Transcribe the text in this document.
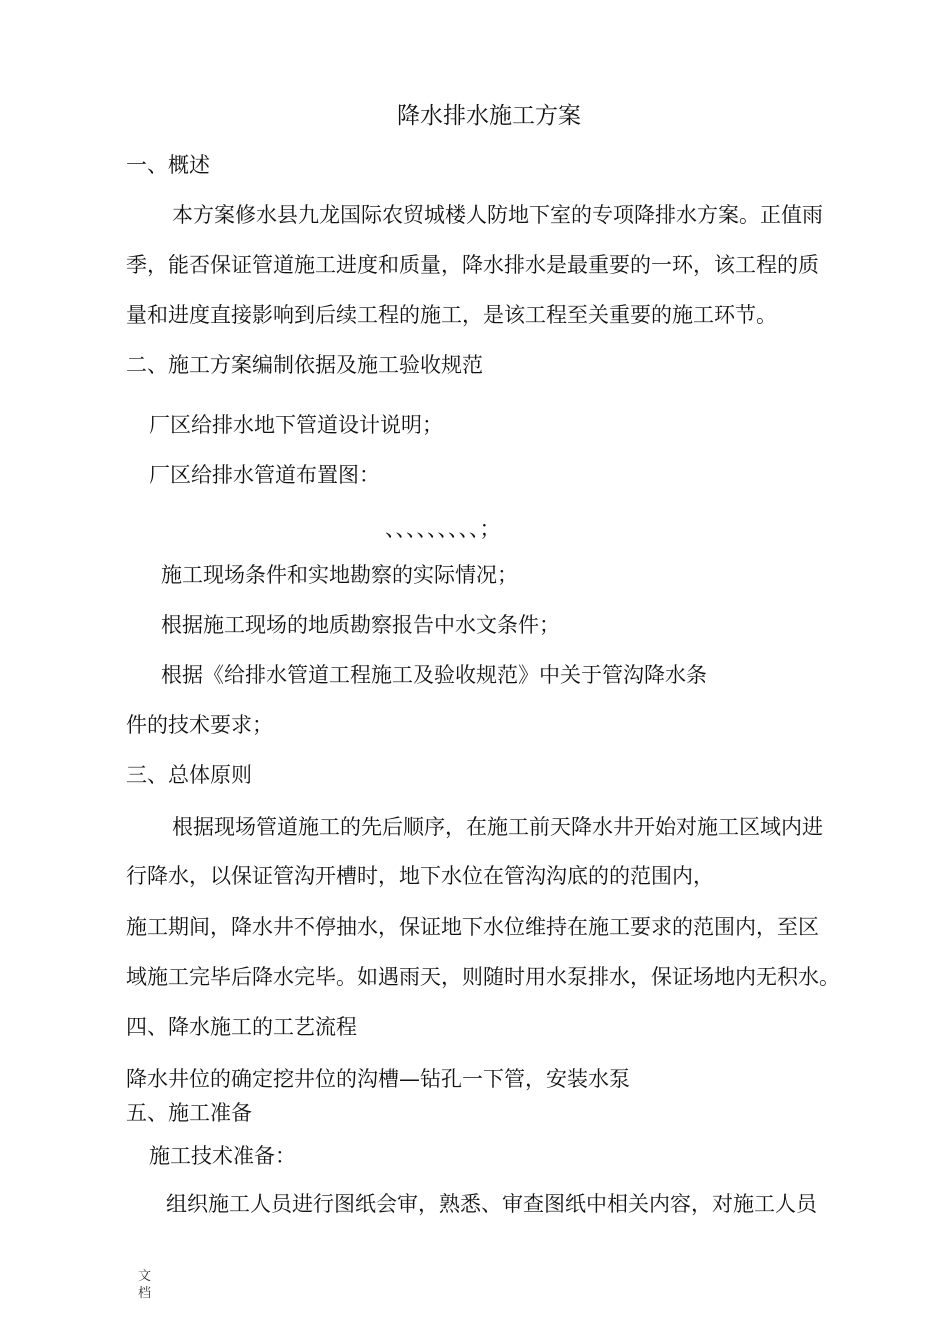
降水排水施工方案
一、概述
本方案修水县九龙国际农贸城楼人防地下室的专项降排水方案。正值雨
季，能否保证管道施工进度和质量，降水排水是最重要的一环，该工程的质
量和进度直接影响到后续工程的施工，是该工程至关重要的施工环节。
二、施工方案编制依据及施工验收规范
厂区给排水地下管道设计说明；
厂区给排水管道布置图：
、、、、、、、、、；
施工现场条件和实地勘察的实际情况；
根据施工现场的地质勘察报告中水文条件；
根据《给排水管道工程施工及验收规范》中关于管沟降水条
件的技术要求；
三、总体原则
根据现场管道施工的先后顺序，在施工前天降水井开始对施工区域内进
行降水，以保证管沟开槽时，地下水位在管沟沟底的的范围内，
施工期间，降水井不停抽水，保证地下水位维持在施工要求的范围内，至区
域施工完毕后降水完毕。如遇雨天，则随时用水泵排水，保证场地内无积水。
四、降水施工的工艺流程
降水井位的确定挖井位的沟槽—钻孔一下管，安装水泵
五、施工准备
施工技术准备：
组织施工人员进行图纸会审，熟悉、审查图纸中相关内容，对施工人员
文档
